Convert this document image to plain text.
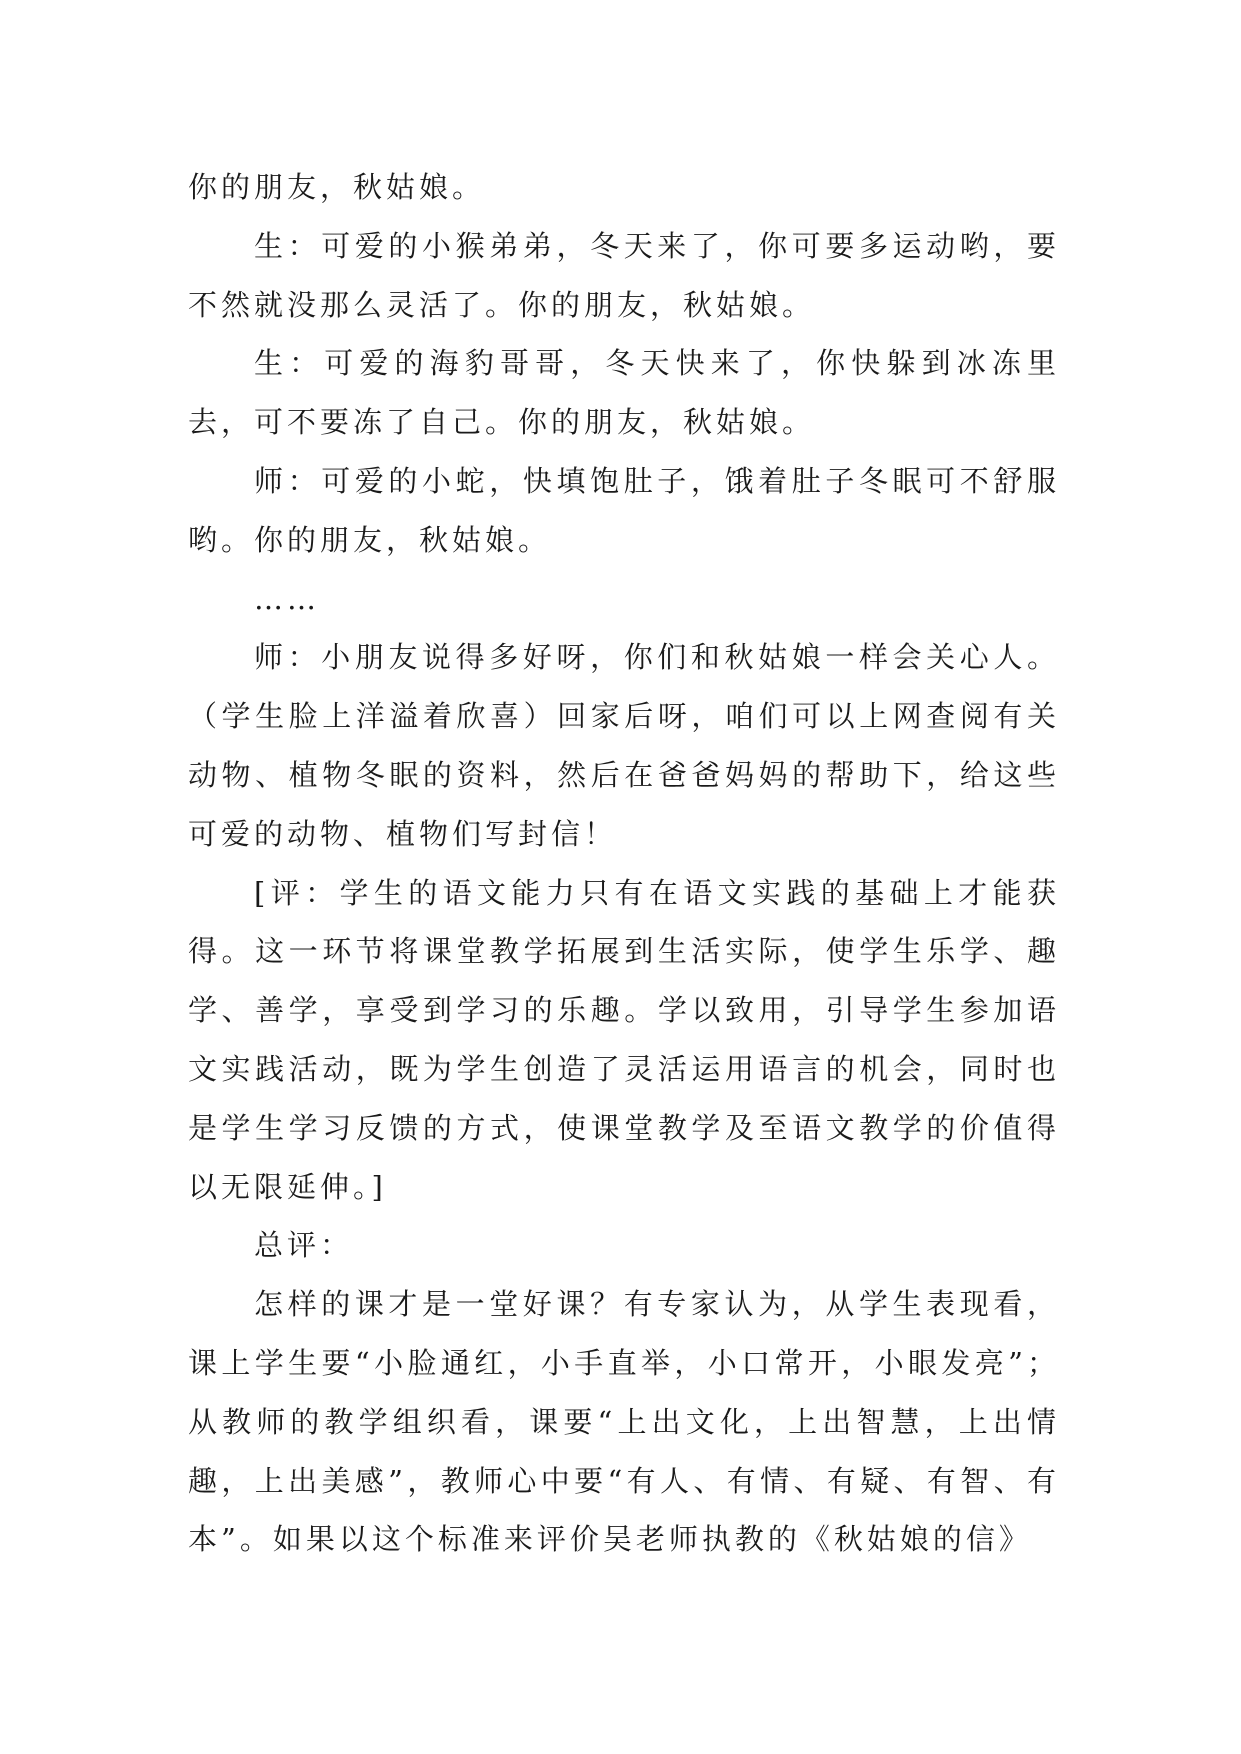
你的朋友，秋姑娘。

生：可爱的小猴弟弟，冬天来了，你可要多运动哟，要不然就没那么灵活了。你的朋友，秋姑娘。

生：可爱的海豹哥哥，冬天快来了，你快躲到冰冻里去，可不要冻了自己。你的朋友，秋姑娘。

师：可爱的小蛇，快填饱肚子，饿着肚子冬眠可不舒服哟。你的朋友，秋姑娘。

……

师：小朋友说得多好呀，你们和秋姑娘一样会关心人。（学生脸上洋溢着欣喜）回家后呀，咱们可以上网查阅有关动物、植物冬眠的资料，然后在爸爸妈妈的帮助下，给这些可爱的动物、植物们写封信！

[评：学生的语文能力只有在语文实践的基础上才能获得。这一环节将课堂教学拓展到生活实际，使学生乐学、趣学、善学，享受到学习的乐趣。学以致用，引导学生参加语文实践活动，既为学生创造了灵活运用语言的机会，同时也是学生学习反馈的方式，使课堂教学及至语文教学的价值得以无限延伸。]

总评：

怎样的课才是一堂好课？有专家认为，从学生表现看，课上学生要“小脸通红，小手直举，小口常开，小眼发亮”；从教师的教学组织看，课要“上出文化，上出智慧，上出情趣，上出美感”，教师心中要“有人、有情、有疑、有智、有本”。如果以这个标准来评价吴老师执教的《秋姑娘的信》
